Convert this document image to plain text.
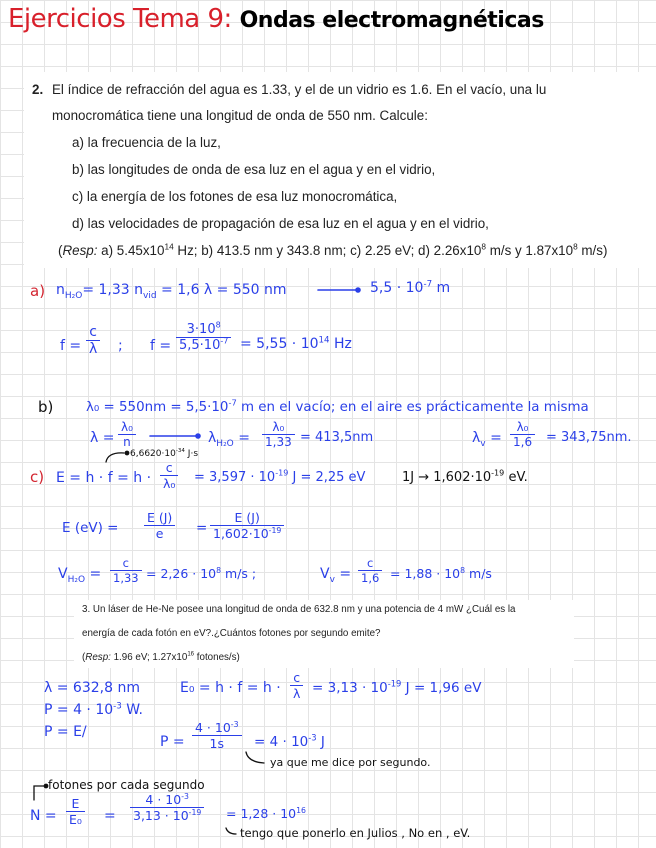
Ejercicios Tema 9: Ondas electromagnéticas
2. El índice de refracción del agua es 1.33, y el de un vidrio es 1.6. En el vacío, una lu
monocromática tiene una longitud de onda de 550 nm. Calcule:
a) la frecuencia de la luz,
b) las longitudes de onda de esa luz en el agua y en el vidrio,
c) la energía de los fotones de esa luz monocromática,
d) las velocidades de propagación de esa luz en el agua y en el vidrio,
(Resp: a) $5.45x10^{14}$ Hz; b) 413.5 nm y 343.8 nm; c) 2.25 eV; d) $2.26x10^8$ m/s y $1.87x10^8$ m/s)
a) $n_{H_2O}= 1,33$ $n_{vid} = 1,6$ λ = 550 nm	$5,5 \cdot 10^{-7}$ m
$f = \frac{c}{\lambda}$ ; $f = \frac{3\cdot 10^8}{5,5\cdot 10^{-7}} = 5,55 \cdot 10^{14}$ Hz
b) $\lambda_0 = 550nm = 5,5\cdot 10^{-7}$ m en el vacío; en el aire es prácticamente la misma
$\lambda = \frac{\text{λ₀}}{n}$	$\lambda_{H_2O} = \frac{\text{λ₀}}{1,33} = 413,5nm$	$\lambda_v = \frac{\text{λ₀}}{1,6} = 343,75nm$.
$6,6620\cdot 10^{-34}$ J·s
c) $E = h \cdot f = h \cdot \frac{c}{\text{λ₀}} = 3,597 \cdot 10^{-19}$ J = 2,25 eV	$1J \to 1,602\cdot 10^{-19}$ eV.
E $(eV) = \frac{E (J)}{e} = \frac{E (J)}{1,602\cdot 10^{-19}}$
$V_{H_2O} = \frac{c}{1,33} = 2,26 \cdot 10^8$ m/s ;	$V_v = \frac{c}{1,6} = 1,88 \cdot 10^8$ m/s
3. Un láser de He-Ne posee una longitud de onda de 632.8 nm y una potencia de 4 mW ¿Cuál es la
energía de cada fotón en eV?.¿Cuántos fotones por segundo emite?
(Resp: 1.96 eV; $1.27x10^{16}$ fotones/s)
λ = 632,8 nm
$P = 4 \cdot 10^{-3}$ W.
P = E/
$E_0 = h \cdot f = h \cdot \frac{c}{\lambda} = 3,13 \cdot 10^{-19}$ J = 1,96 eV
$P = \frac{4 \cdot 10^{-3}}{1s} = 4 \cdot 10^{-3}$ J
ya que me dice por segundo.
fotones por cada segundo
$N = \frac{E}{\text{E₀}} = \frac{4 \cdot 10^{-3}}{3,13 \cdot 10^{-19}} = 1,28 \cdot 10^{16}$
tengo que ponerlo en Julios , No en , eV.
